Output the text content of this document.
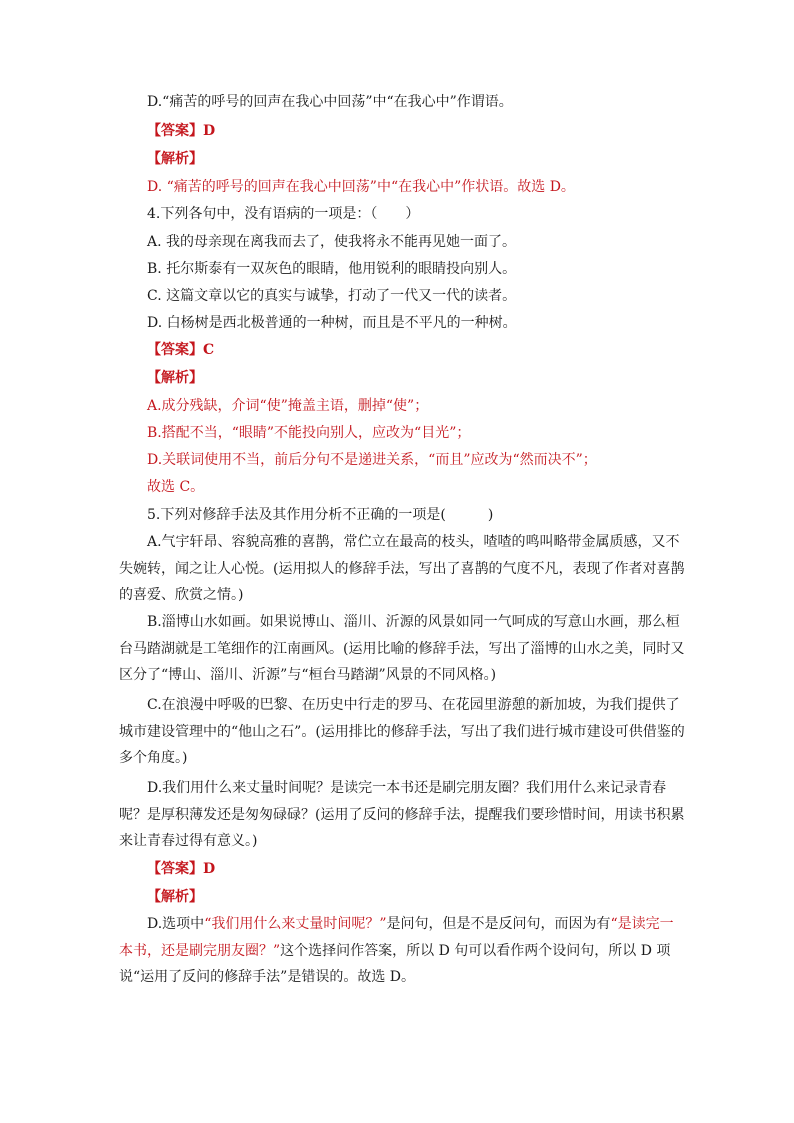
D.“痛苦的呼号的回声在我心中回荡”中“在我心中”作谓语。
【答案】D
【解析】
D. “痛苦的呼号的回声在我心中回荡”中“在我心中”作状语。故选 D。
4.下列各句中，没有语病的一项是：（　　）
A. 我的母亲现在离我而去了，使我将永不能再见她一面了。
B. 托尔斯泰有一双灰色的眼睛，他用锐利的眼睛投向别人。
C. 这篇文章以它的真实与诚挚，打动了一代又一代的读者。
D. 白杨树是西北极普通的一种树，而且是不平凡的一种树。
【答案】C
【解析】
A.成分残缺，介词“使”掩盖主语，删掉“使”；
B.搭配不当，“眼睛”不能投向别人，应改为“目光”；
D.关联词使用不当，前后分句不是递进关系，“而且”应改为“然而决不”；
故选 C。
5.下列对修辞手法及其作用分析不正确的一项是(　　　)
A.气宇轩昂、容貌高雅的喜鹊，常伫立在最高的枝头，喳喳的鸣叫略带金属质感，又不失婉转，闻之让人心悦。(运用拟人的修辞手法，写出了喜鹊的气度不凡，表现了作者对喜鹊的喜爱、欣赏之情。)
B.淄博山水如画。如果说博山、淄川、沂源的风景如同一气呵成的写意山水画，那么桓台马踏湖就是工笔细作的江南画风。(运用比喻的修辞手法，写出了淄博的山水之美，同时又区分了“博山、淄川、沂源”与“桓台马踏湖”风景的不同风格。)
C.在浪漫中呼吸的巴黎、在历史中行走的罗马、在花园里游憩的新加坡，为我们提供了城市建设管理中的“他山之石”。(运用排比的修辞手法，写出了我们进行城市建设可供借鉴的多个角度。)
D.我们用什么来丈量时间呢？是读完一本书还是刷完朋友圈？我们用什么来记录青春呢？是厚积薄发还是匆匆碌碌？(运用了反问的修辞手法，提醒我们要珍惜时间，用读书积累来让青春过得有意义。)
【答案】D
【解析】
D.选项中“我们用什么来丈量时间呢？”是问句，但是不是反问句，而因为有“是读完一本书，还是刷完朋友圈？”这个选择问作答案，所以 D 句可以看作两个设问句，所以 D 项说“运用了反问的修辞手法”是错误的。故选 D。
